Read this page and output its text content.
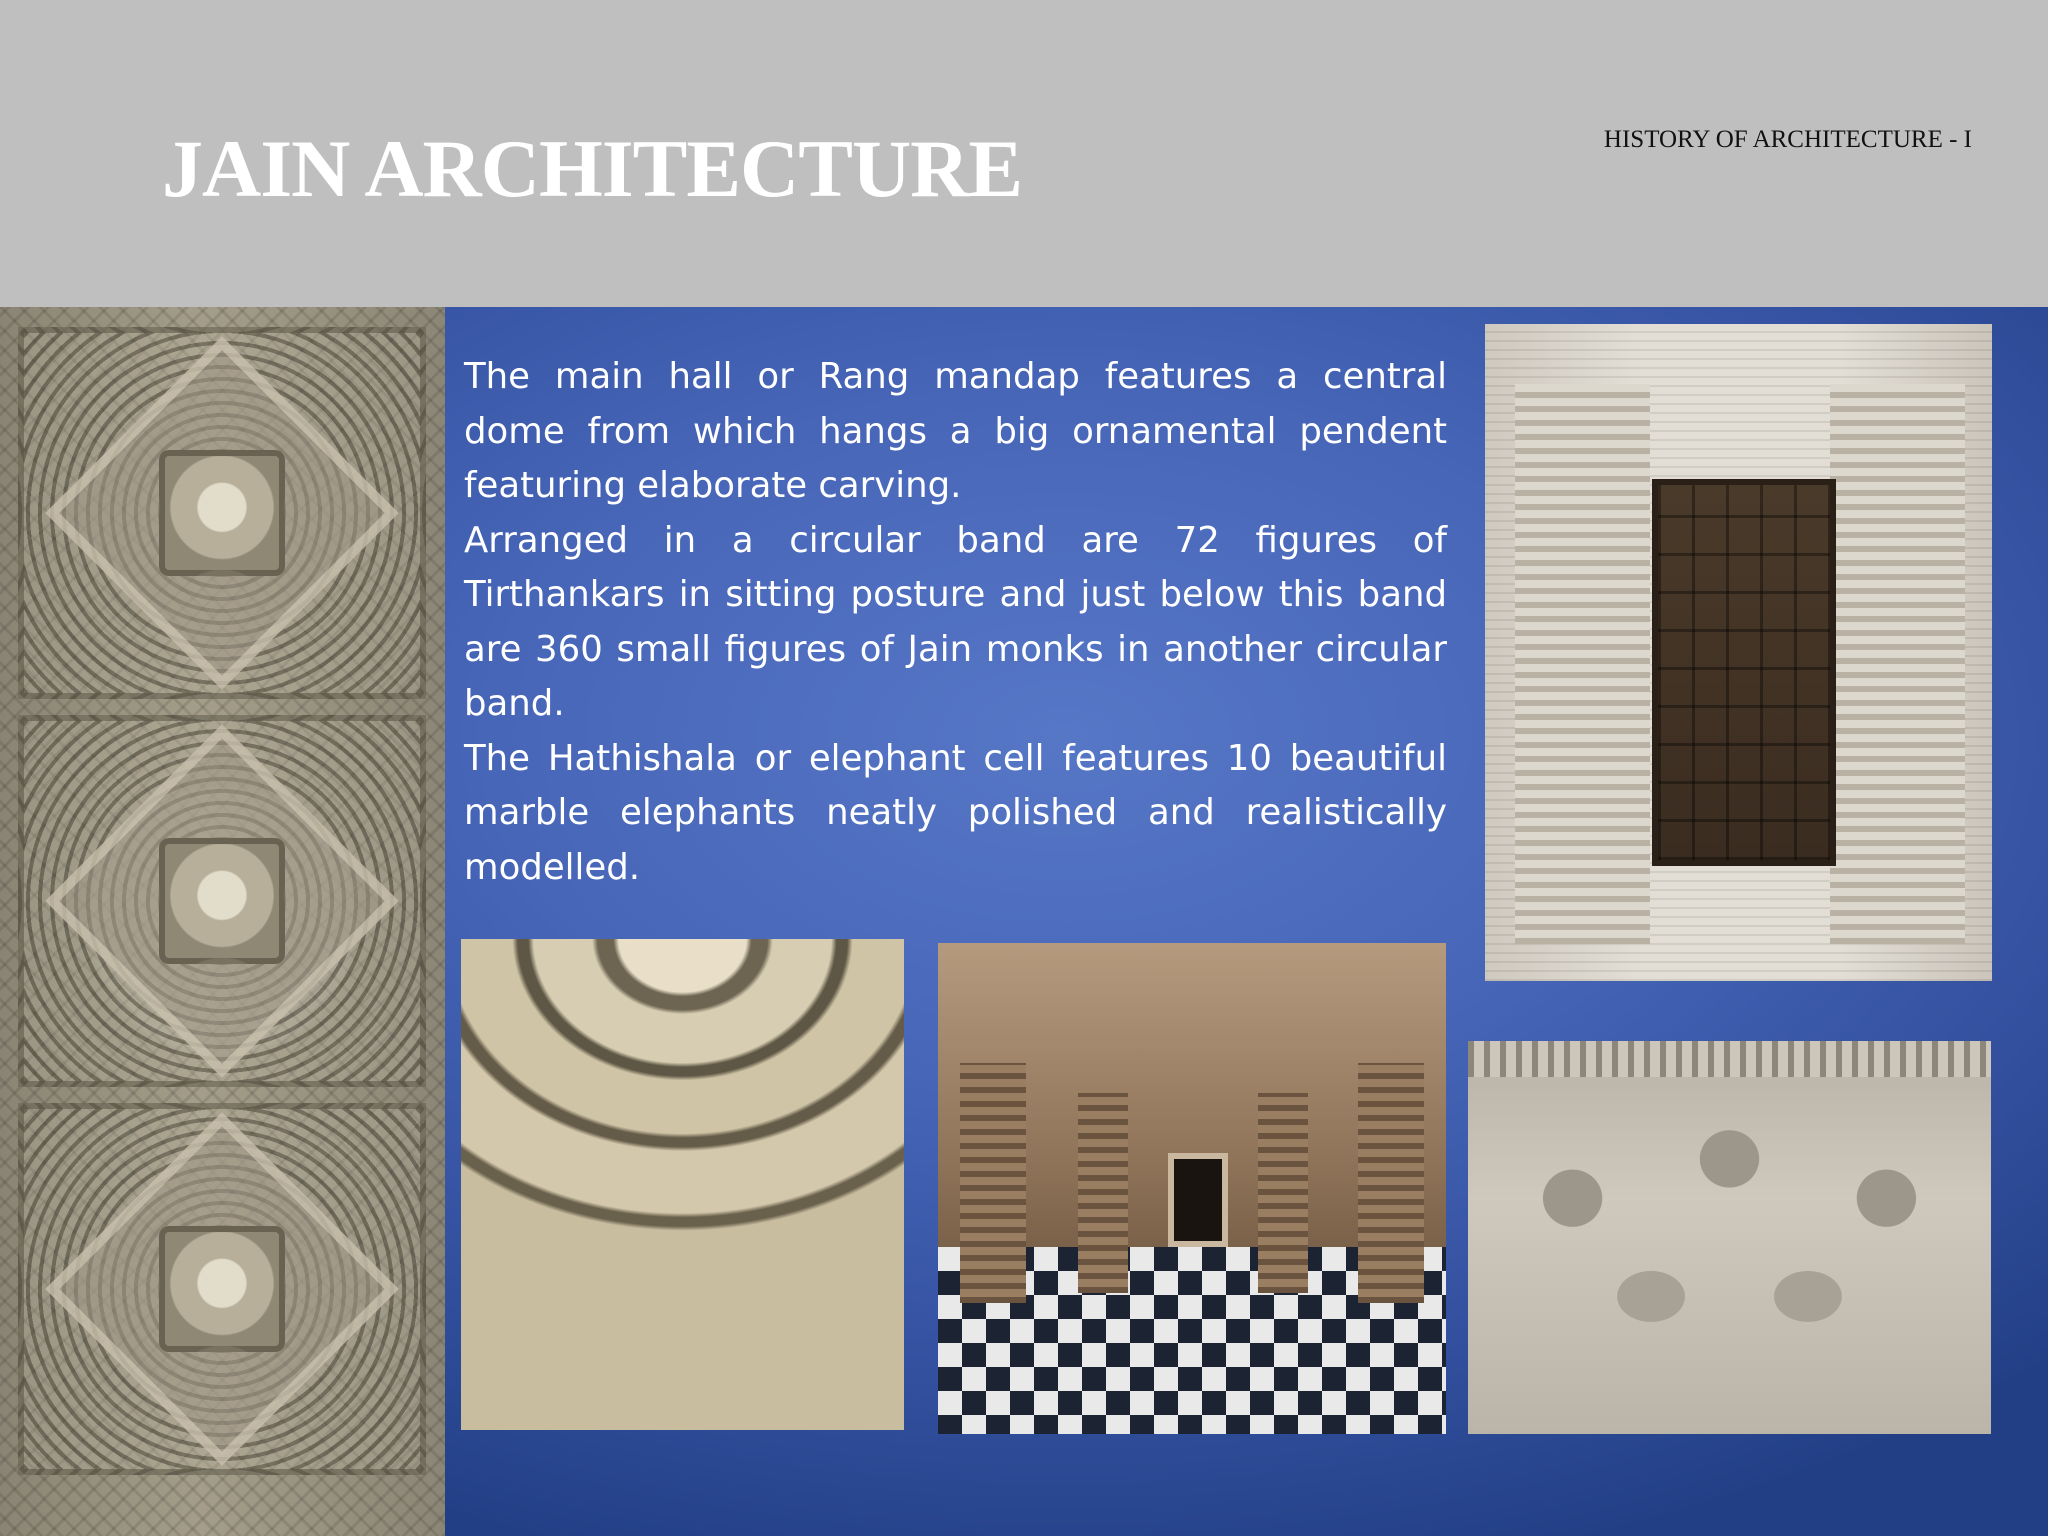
JAIN ARCHITECTURE	HISTORY OF ARCHITECTURE - I

The main hall or Rang mandap features a central dome from which hangs a big ornamental pendent featuring elaborate carving.

Arranged in a circular band are 72 figures of Tirthankars in sitting posture and just below this band are 360 small figures of Jain monks in another circular band.

The Hathishala or elephant cell features 10 beautiful marble elephants neatly polished and realistically modelled.
